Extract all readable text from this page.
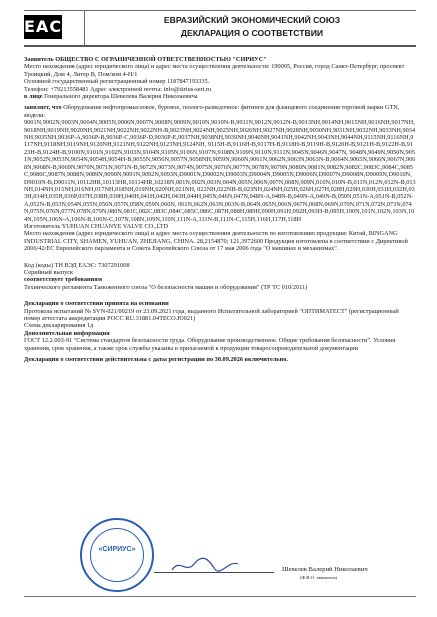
EAC	ЕВРАЗИЙСКИЙ ЭКОНОМИЧЕСКИЙ СОЮЗ
ДЕКЛАРАЦИЯ О СООТВЕТСТВИИ

Заявитель ОБЩЕСТВО С ОГРАНИЧЕННОЙ ОТВЕТСТВЕННОСТЬЮ "СИРИУС"

Место нахождения (адрес юридического лица) и адрес места осуществления деятельности: 190005, Россия, город Санкт-Петербург, проспект Троицкий, Дом 4, Литер В, Пом/ком 4-Н/1

Основной государственный регистрационный номер 1187847193335.

Телефон: +79213558481 Адрес электронной почты: info@sirius-sert.ru

в лице Генерального директора Шевелева Валерия Николаевича

заявляет, что Оборудование нефтепромысловое, буровое, геолого-разведочное: фитинги для фланцевого соединения торговой марки GTN, модели:

9001N,9002N,9003N,9004N,9005N,9006N,9007N,9008N,9009N,9010N,9010N-B,9011N,9012N,9012N-B,9013NH,9014NH,9015NH,9016NH,9017NH,9018NH,9019NH,9020NH,9021NH,9022NH,9022NH-B,9023NH,9024NH,9025NH,9026NH,9027NH,9028NH,9030NH,9031NH,9032NH,9033NH,9034NH,9035NH,9036P-A,9036P-B,9036P-C,9036P-D,9036P-E,9037NH,9038NH,9039NH,9040NH,9041NH,9042NH,9043NH,9044NH,9115NH,9116NH,9117NH,9118NH,9119NH,9120NH,9121NH,9122NH,9123NH,9124NH, 9115H-B,9116H-B,9117H-B,9118H-B,9119H-B,9120H-B,9121H-B,9122H-B,9123H-B,9124H-B,9100N,9101N,9102N,9103N,9104N,9105N,9106N,9107N,9108N,9109N,9110N,9111N,9045N,9046N,9047N, 9048N,9049N,9050N,9051N,9052N,9053N,9054N,9054H,9054H-B,9055N,9056N,9057N,9058NH,9059N,9060N,9061N,9062N,9063N,9063N-B,9064N,9065N,9066N,9067N,9068N,9068N-B,9069N,9070N,9071N,9071N-B,9072N,9073N,9074N,9075N,9076N,9077N,9078N,9079N,9080N,9081N,9082N,9082C,9083C,9084C,9085C,9086C,9087N,9088N,9089N,9090N,9091N,9092N,9093N,D9001N,D9002N,D9003N,D9004N,D9005N,D9006N,D9007N,D9008N,D9009N,D9010N,D9010N-B,D9011N,10112HR,10113HR,10114HR,10218N,001N,002N,003N,004N,005N,006N,007N,008N,009N,010N,010N-B,011N,012N,012N-B,013NH,014NH,015NH,016NH,017NH,018NH,019NH,020NH,021NH, 022NH,022NH-B,023NH,024NH,025H,026H,027H,028H,029H,030H,031H,032H,033H,034H,035H,036P,037H,038H,039H,040H,041H,042H,043H,044H,045N,046N,047N,048N-A,048N-B,049N-A,049N-B,050N,051N-A,051N-B,052N-A,052N-B,053N,054N,055N,056N,057N,058N,059N,060N, 061N,062N,063N,063N-B,064N,065N,066N,067N,068N,069N,070N,071N,072N,073N,074N,075N,076N,077N,078N,079N,080N,081C,082C,083C,084C,085C,086C,087H,088H,089H,090H,091H,092H,093H-B,095H,100N,101N,102N,103N,104N,105N,106N-A,106N-B,106N-C,107N,108N,109N,110N,111N-A,111N-B,111N-C,115H,116H,117H,118H

Изготовитель YUHUAN CHUANYE VALVE CO.,LTD

Место нахождения (адрес юридического лица) и адрес места осуществления деятельности по изготовлению продукции: Китай, BINGANG INDUSTRIAL CITY, SHAMEN, YUHUAN, ZHEJIANG, CHINA. 28,2154870; 121,3972600 Продукция изготовлена в соответствии с Директивой 2006/42/ЕС Европейского парламента и Совета Европейского Союза от 17 мая 2006 года "О машинах и механизмах".

Код (коды) ТН ВЭД ЕАЭС: 7307291008

Серийный выпуск

соответствует требованиям

Технического регламента Таможенного союза "О безопасности машин и оборудования" (ТР ТС 010/2011)

Декларация о соответствии принята на основании

Протокола испытаний № SVN-021/00219 от 23.09.2021 года, выданного Испытательной лабораторией "ОПТИМАТЕСТ" (регистрационный номер аттестата аккредитации РОСС RU.31881.04ТЕСО.Ю021)

Схема декларирования 1д

Дополнительная информация

ГОСТ 12.2.003-91 "Система стандартов безопасности труда. Оборудование производственное. Общие требования безопасности". Условия хранения, срок хранения, а также срок службы указаны в прилагаемой к продукции товаросопроводительной документации

Декларация о соответствии действительна с даты регистрации по 30.09.2026 включительно.

«СИРИУС»
Шевелев Валерий Николаевич
(Ф.И.О. заявителя)
